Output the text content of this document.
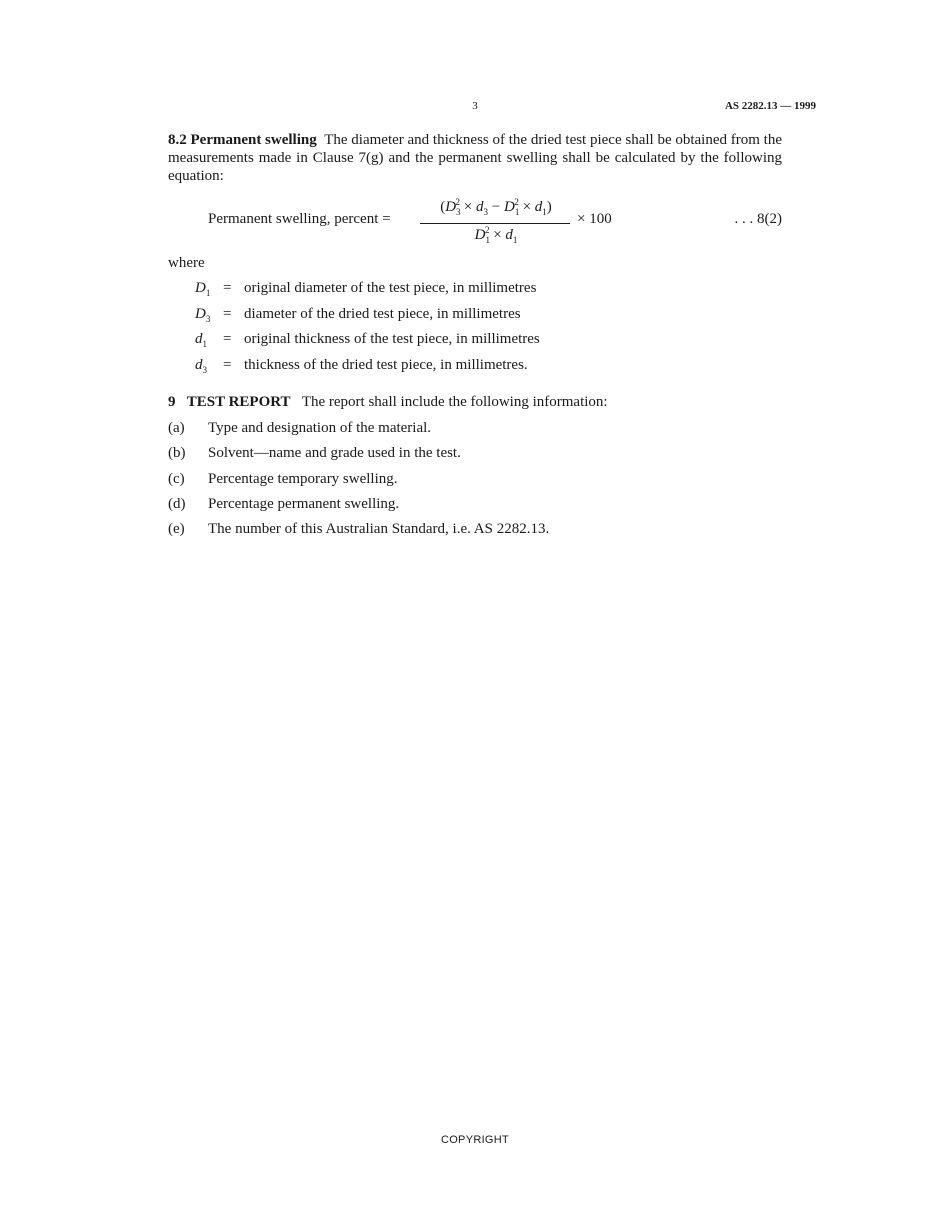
3	AS 2282.13 — 1999
8.2 Permanent swelling The diameter and thickness of the dried test piece shall be obtained from the measurements made in Clause 7(g) and the permanent swelling shall be calculated by the following equation:
Permanent swelling, percent =
$(D_3^2 \times d_3 - D_1^2 \times d_1)$
$D_1^2 \times d_1$
× 100	. . . 8(2)
where
$D_1$ = original diameter of the test piece, in millimetres
$D_3$ = diameter of the dried test piece, in millimetres
$d_1$	= original thickness of the test piece, in millimetres
$d_3$	= thickness of the dried test piece, in millimetres.
9 TEST REPORT The report shall include the following information:
(a)	Type and designation of the material.
(b)	Solvent—name and grade used in the test.
(c)	Percentage temporary swelling.
(d)	Percentage permanent swelling.
(e)	The number of this Australian Standard, i.e. AS 2282.13.
COPYRIGHT
